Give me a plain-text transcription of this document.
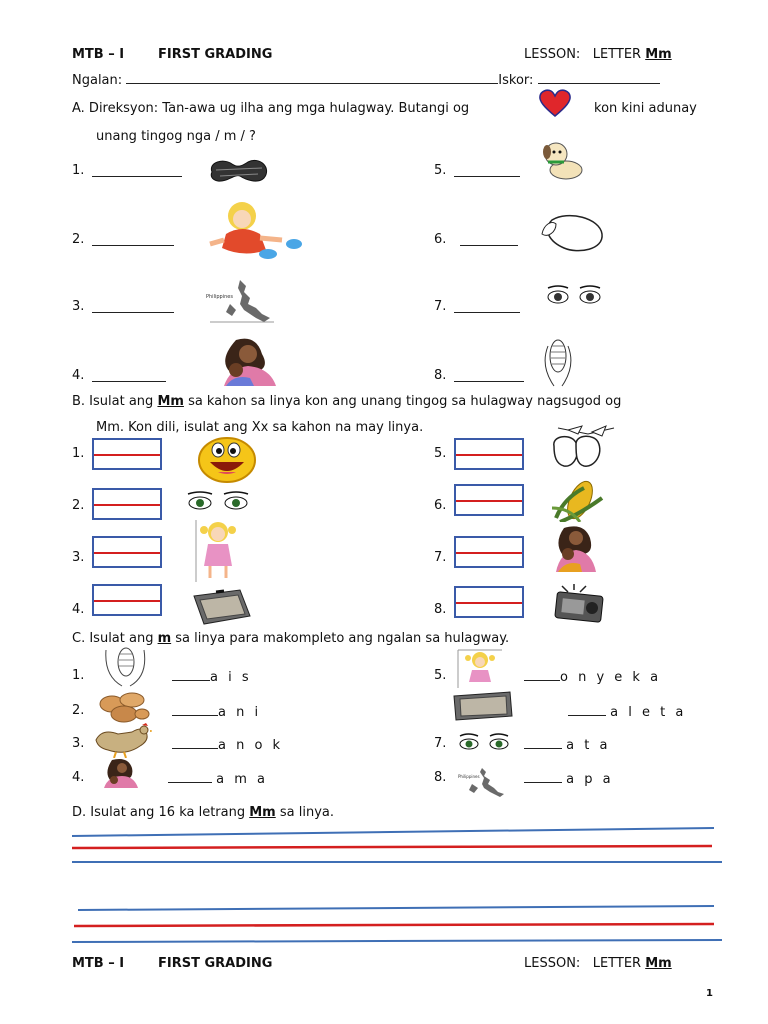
MTB – I	FIRST GRADING	LESSON: LETTER Mm
Ngalan:	Iskor:
A. Direksyon: Tan-awa ug ilha ang mga hulagway. Butangi og	kon kini adunay
unang tingog nga / m / ?
1.
2.
3.
4.
5.
6.
7.
8.
Philippines
B. Isulat ang Mm sa kahon sa linya kon ang unang tingog sa hulagway nagsugod og
Mm. Kon dili, isulat ang Xx sa kahon na may linya.
1.
2.
3.
4.
5.
6.
7.
8.
C. Isulat ang m sa linya para makompleto ang ngalan sa hulagway.
1.	a i s
2.	a n i
3.	a n o k
4.	a m a
5.	o n y e k a
a l e t a
7.	a t a
8.	a p a
Philippines
D. Isulat ang 16 ka letrang Mm sa linya.
MTB – I	FIRST GRADING	LESSON: LETTER Mm
1
